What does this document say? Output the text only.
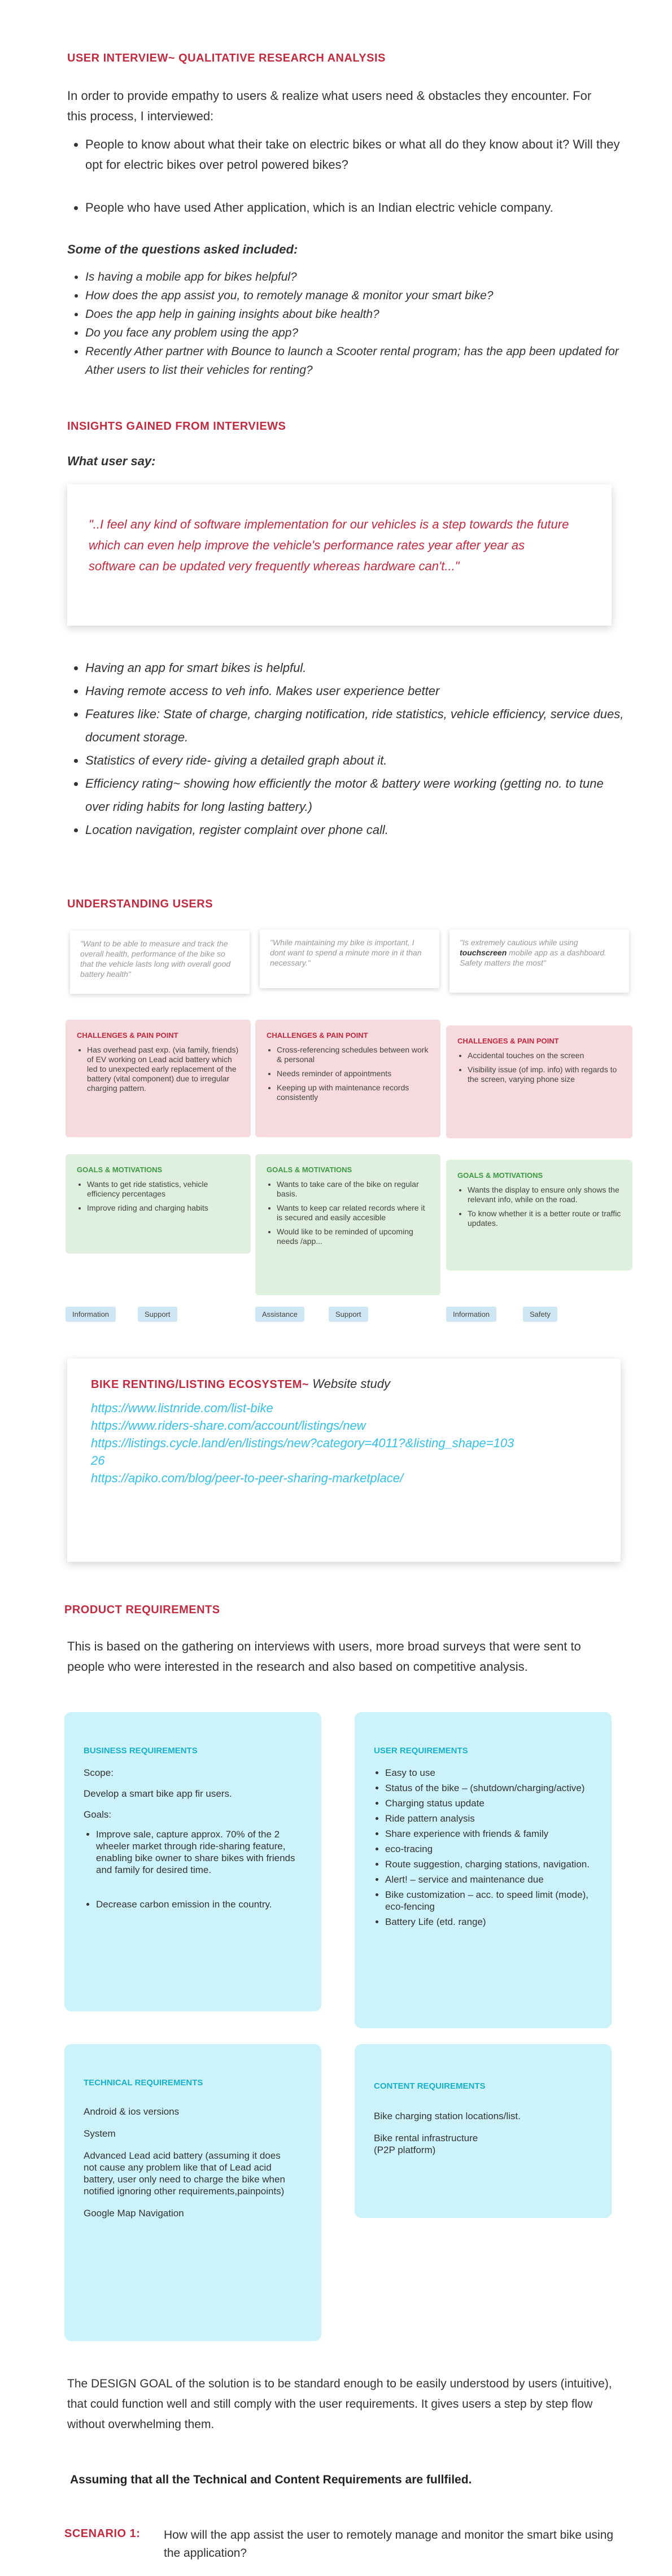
USER INTERVIEW~ QUALITATIVE RESEARCH ANALYSIS
In order to provide empathy to users & realize what users need & obstacles they encounter. For this process, I interviewed:
• People to know about what their take on electric bikes or what all do they know about it? Will they opt for electric bikes over petrol powered bikes?
• People who have used Ather application, which is an Indian electric vehicle company.
Some of the questions asked included:
• Is having a mobile app for bikes helpful?
• How does the app assist you, to remotely manage & monitor your smart bike?
• Does the app help in gaining insights about bike health?
• Do you face any problem using the app?
• Recently Ather partner with Bounce to launch a Scooter rental program; has the app been updated for Ather users to list their vehicles for renting?
INSIGHTS GAINED FROM INTERVIEWS
What user say:
"..I feel any kind of software implementation for our vehicles is a step towards the future which can even help improve the vehicle's performance rates year after year as software can be updated very frequently whereas hardware can't..."
• Having an app for smart bikes is helpful.
• Having remote access to veh info. Makes user experience better
• Features like: State of charge, charging notification, ride statistics, vehicle efficiency, service dues, document storage.
• Statistics of every ride- giving a detailed graph about it.
• Efficiency rating~ showing how efficiently the motor & battery were working (getting no. to tune over riding habits for long lasting battery.)
• Location navigation, register complaint over phone call.
UNDERSTANDING USERS
"Want to be able to measure and track the overall health, performance of the bike so that the vehicle lasts long with overall good battery health"
CHALLENGES & PAIN POINT
• Has overhead past exp. (via family, friends) of EV working on Lead acid battery which led to unexpected early replacement of the battery (vital component) due to irregular charging pattern.
GOALS & MOTIVATIONS
• Wants to get ride statistics, vehicle efficiency percentages
• Improve riding and charging habits
Information	Support
"While maintaining my bike is important, I dont want to spend a minute more in it than necessary."
CHALLENGES & PAIN POINT
• Cross-referencing schedules between work & personal
• Needs reminder of appointments
• Keeping up with maintenance records consistently
GOALS & MOTIVATIONS
• Wants to take care of the bike on regular basis.
• Wants to keep car related records where it is secured and easily accesible
• Would like to be reminded of upcoming needs /app...
Assistance	Support
"Is extremely cautious while using touchscreen mobile app as a dashboard. Safety matters the most"
CHALLENGES & PAIN POINT
• Accidental touches on the screen
• Visibility issue (of imp. info) with regards to the screen, varying phone size
GOALS & MOTIVATIONS
• Wants the display to ensure only shows the relevant info, while on the road.
• To know whether it is a better route or traffic updates.
Information	Safety
BIKE RENTING/LISTING ECOSYSTEM~ Website study
https://www.listnride.com/list-bike
https://www.riders-share.com/account/listings/new
https://listings.cycle.land/en/listings/new?category=4011?&listing_shape=10326
https://apiko.com/blog/peer-to-peer-sharing-marketplace/
PRODUCT REQUIREMENTS
This is based on the gathering on interviews with users, more broad surveys that were sent to people who were interested in the research and also based on competitive analysis.
BUSINESS REQUIREMENTS
Scope:
Develop a smart bike app fir users.
Goals:
• Improve sale, capture approx. 70% of the 2 wheeler market through ride-sharing feature, enabling bike owner to share bikes with friends and family for desired time.
• Decrease carbon emission in the country.
USER REQUIREMENTS
• Easy to use
• Status of the bike – (shutdown/charging/active)
• Charging status update
• Ride pattern analysis
• Share experience with friends & family
• eco-tracing
• Route suggestion, charging stations, navigation.
• Alert! – service and maintenance due
• Bike customization – acc. to speed limit (mode), eco-fencing
• Battery Life (etd. range)
TECHNICAL REQUIREMENTS
Android & ios versions
System
Advanced Lead acid battery (assuming it does not cause any problem like that of Lead acid battery, user only need to charge the bike when notified ignoring other requirements,painpoints)
Google Map Navigation
CONTENT REQUIREMENTS
Bike charging station locations/list.
Bike rental infrastructure (P2P platform)
The DESIGN GOAL of the solution is to be standard enough to be easily understood by users (intuitive), that could function well and still comply with the user requirements. It gives users a step by step flow without overwhelming them.
Assuming that all the Technical and Content Requirements are fullfiled.
SCENARIO 1: How will the app assist the user to remotely manage and monitor the smart bike using the application?
